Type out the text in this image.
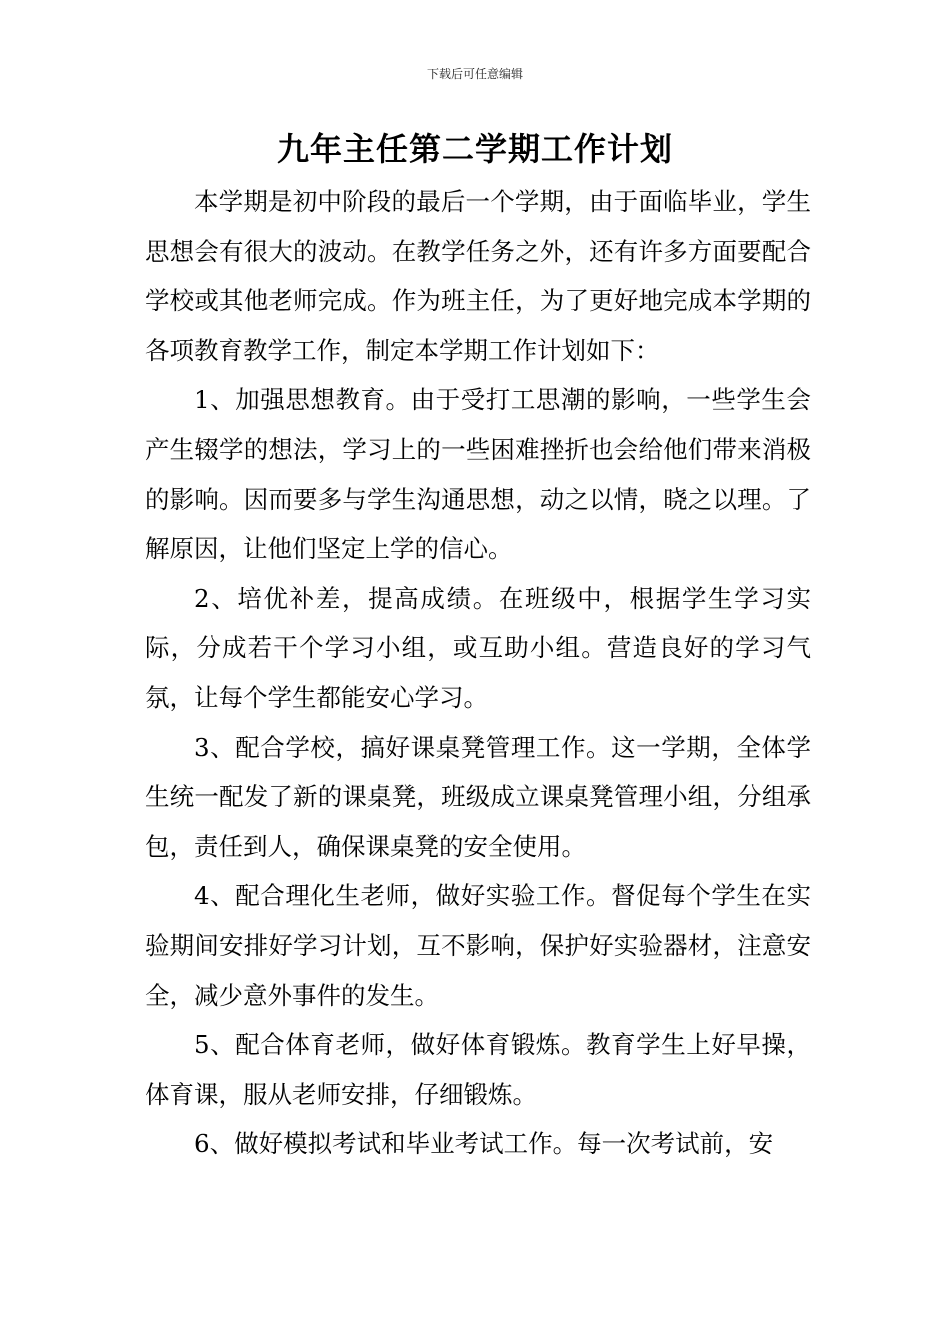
下载后可任意编辑
九年主任第二学期工作计划

本学期是初中阶段的最后一个学期，由于面临毕业，学生思想会有很大的波动。在教学任务之外，还有许多方面要配合学校或其他老师完成。作为班主任，为了更好地完成本学期的各项教育教学工作，制定本学期工作计划如下：

1、加强思想教育。由于受打工思潮的影响，一些学生会产生辍学的想法，学习上的一些困难挫折也会给他们带来消极的影响。因而要多与学生沟通思想，动之以情，晓之以理。了解原因，让他们坚定上学的信心。

2、培优补差，提高成绩。在班级中，根据学生学习实际，分成若干个学习小组，或互助小组。营造良好的学习气氛，让每个学生都能安心学习。

3、配合学校，搞好课桌凳管理工作。这一学期，全体学生统一配发了新的课桌凳，班级成立课桌凳管理小组，分组承包，责任到人，确保课桌凳的安全使用。

4、配合理化生老师，做好实验工作。督促每个学生在实验期间安排好学习计划，互不影响，保护好实验器材，注意安全，减少意外事件的发生。

5、配合体育老师，做好体育锻炼。教育学生上好早操，体育课，服从老师安排，仔细锻炼。

6、做好模拟考试和毕业考试工作。每一次考试前，安
